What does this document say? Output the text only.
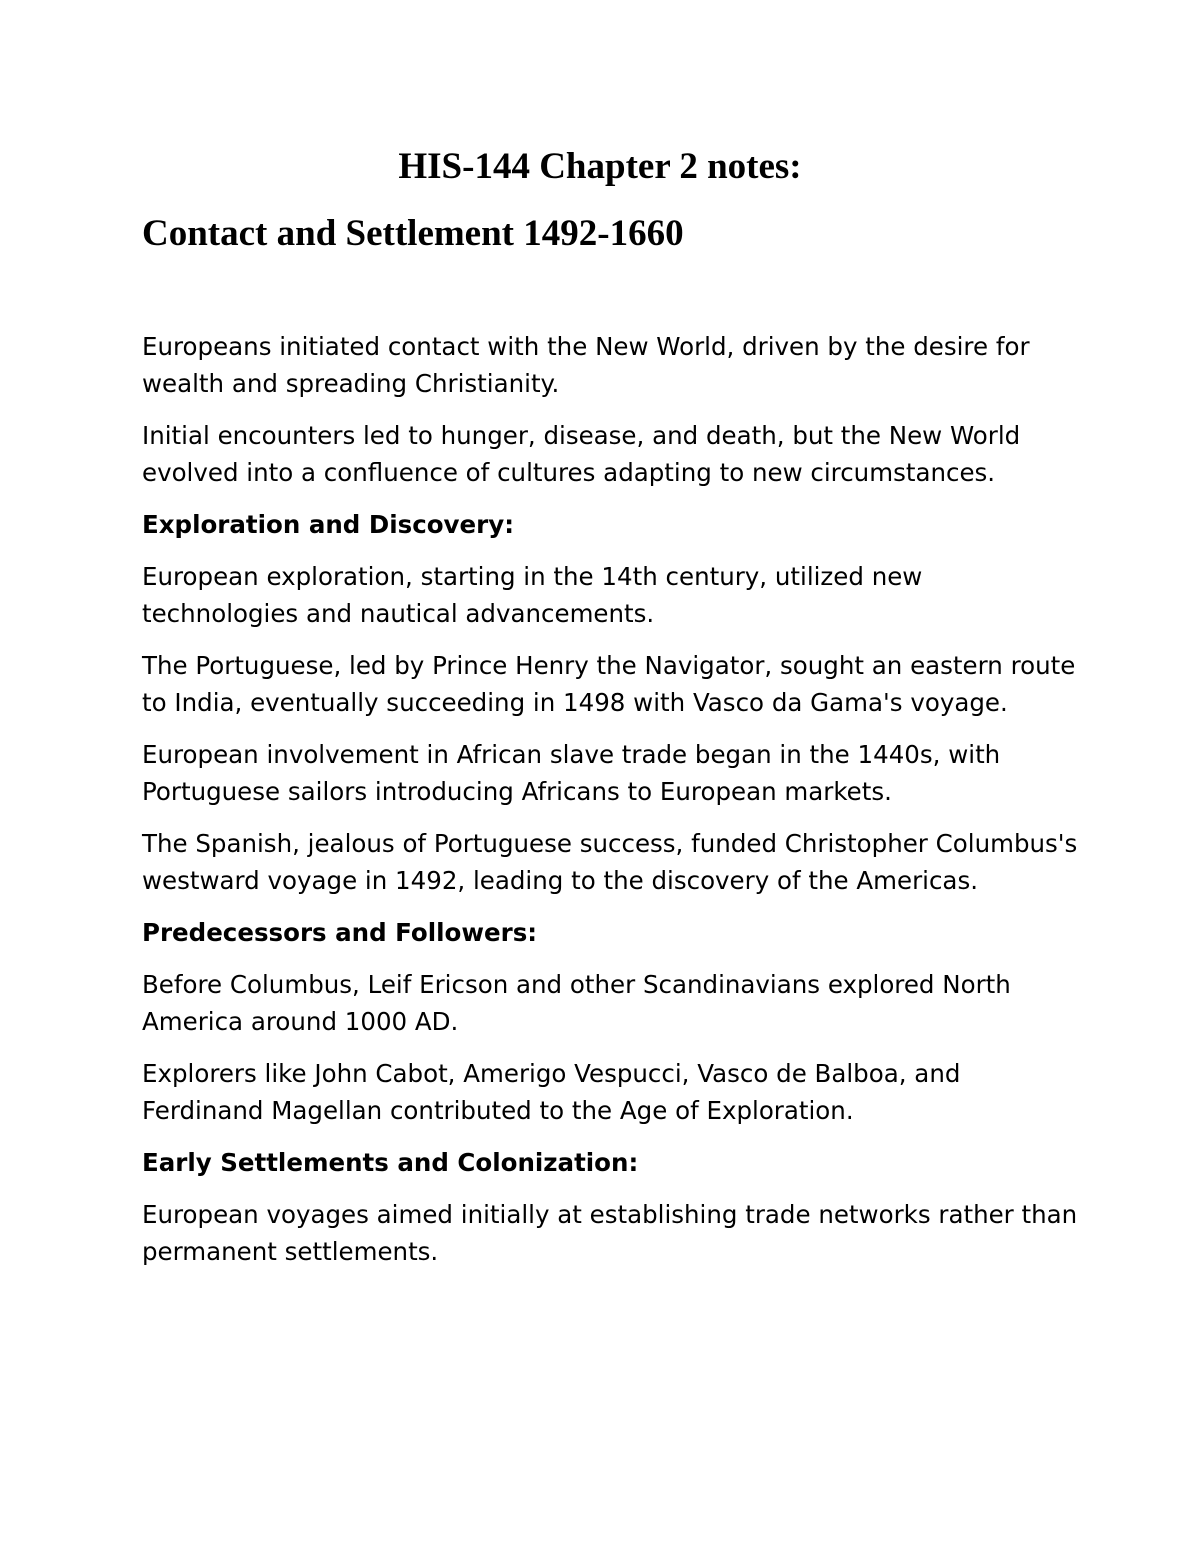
HIS-144 Chapter 2 notes:
Contact and Settlement 1492-1660

Europeans initiated contact with the New World, driven by the desire for wealth and spreading Christianity.

Initial encounters led to hunger, disease, and death, but the New World evolved into a confluence of cultures adapting to new circumstances.

Exploration and Discovery:

European exploration, starting in the 14th century, utilized new technologies and nautical advancements.

The Portuguese, led by Prince Henry the Navigator, sought an eastern route to India, eventually succeeding in 1498 with Vasco da Gama's voyage.

European involvement in African slave trade began in the 1440s, with Portuguese sailors introducing Africans to European markets.

The Spanish, jealous of Portuguese success, funded Christopher Columbus's westward voyage in 1492, leading to the discovery of the Americas.

Predecessors and Followers:

Before Columbus, Leif Ericson and other Scandinavians explored North America around 1000 AD.

Explorers like John Cabot, Amerigo Vespucci, Vasco de Balboa, and Ferdinand Magellan contributed to the Age of Exploration.

Early Settlements and Colonization:

European voyages aimed initially at establishing trade networks rather than permanent settlements.
